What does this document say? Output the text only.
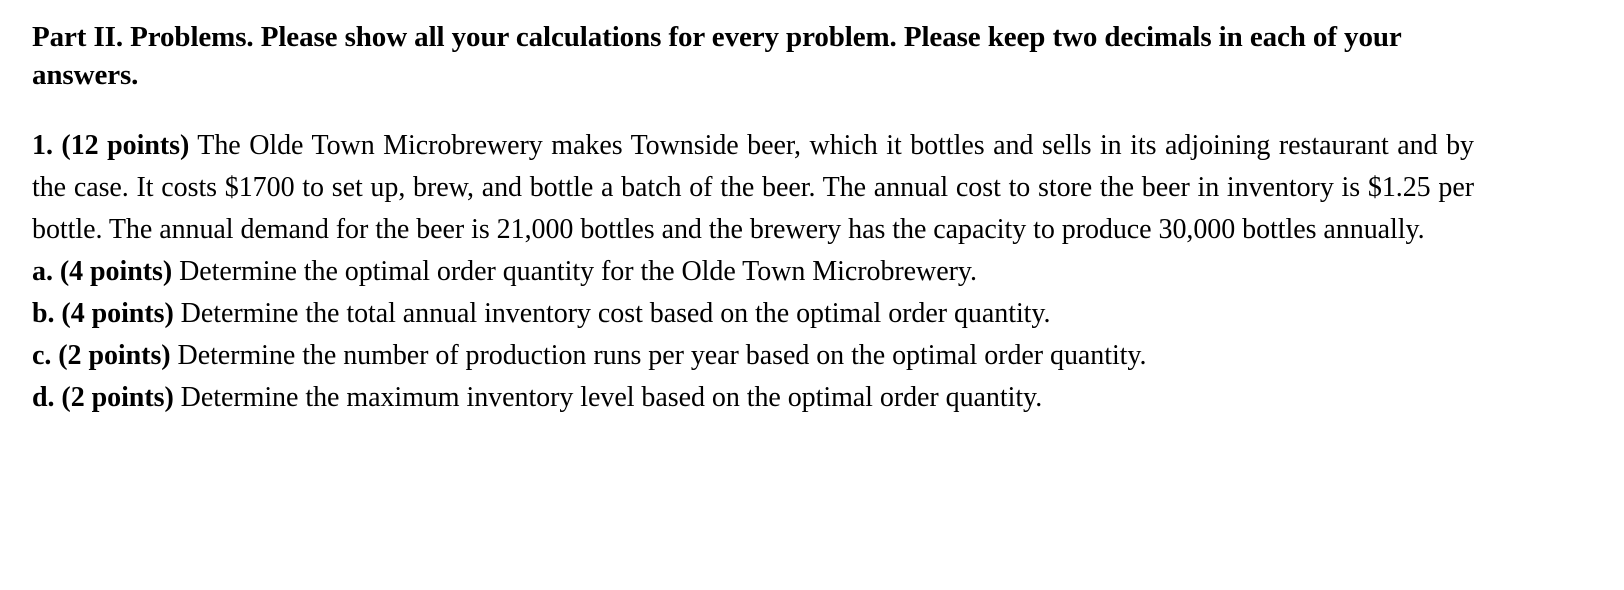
Part II. Problems. Please show all your calculations for every problem. Please keep two decimals in each of your answers.

1. (12 points) The Olde Town Microbrewery makes Townside beer, which it bottles and sells in its adjoining restaurant and by the case. It costs $1700 to set up, brew, and bottle a batch of the beer. The annual cost to store the beer in inventory is $1.25 per bottle. The annual demand for the beer is 21,000 bottles and the brewery has the capacity to produce 30,000 bottles annually.

a. (4 points) Determine the optimal order quantity for the Olde Town Microbrewery.
b. (4 points) Determine the total annual inventory cost based on the optimal order quantity.
c. (2 points) Determine the number of production runs per year based on the optimal order quantity.
d. (2 points) Determine the maximum inventory level based on the optimal order quantity.
